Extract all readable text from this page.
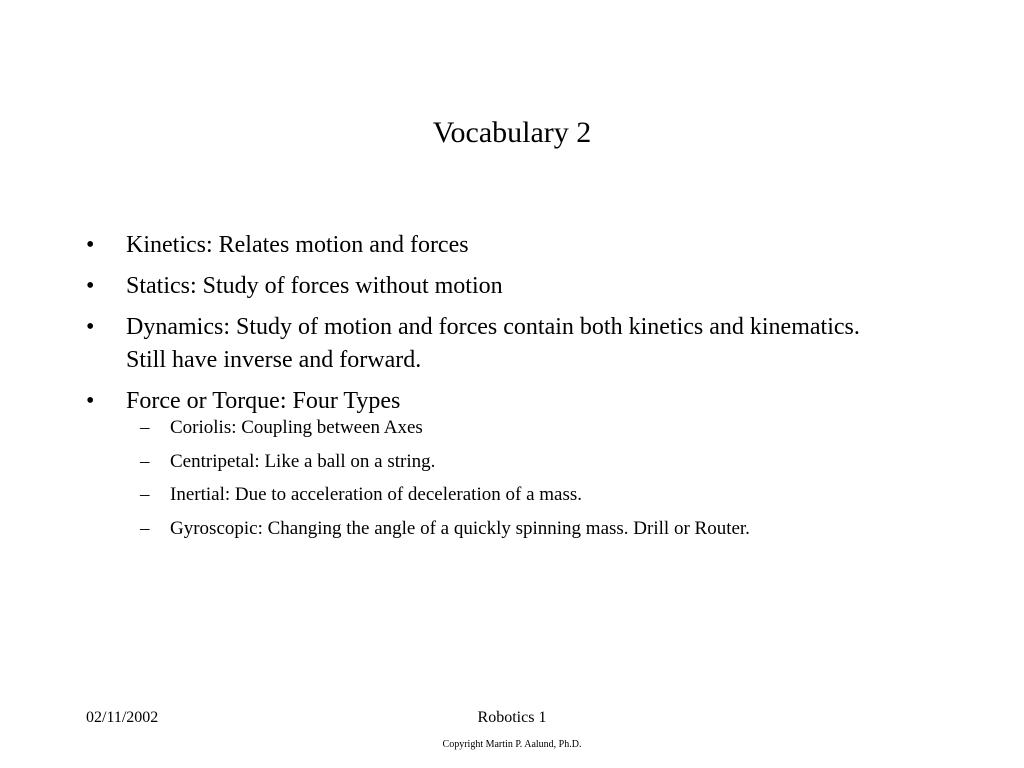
Vocabulary 2
• Kinetics: Relates motion and forces
• Statics: Study of forces without motion
• Dynamics: Study of motion and forces contain both kinetics and kinematics. Still have inverse and forward.
• Force or Torque: Four Types
– Coriolis: Coupling between Axes
– Centripetal: Like a ball on a string.
– Inertial: Due to acceleration of deceleration of a mass.
– Gyroscopic: Changing the angle of a quickly spinning mass. Drill or Router.
02/11/2002	Robotics 1
Copyright Martin P. Aalund, Ph.D.
